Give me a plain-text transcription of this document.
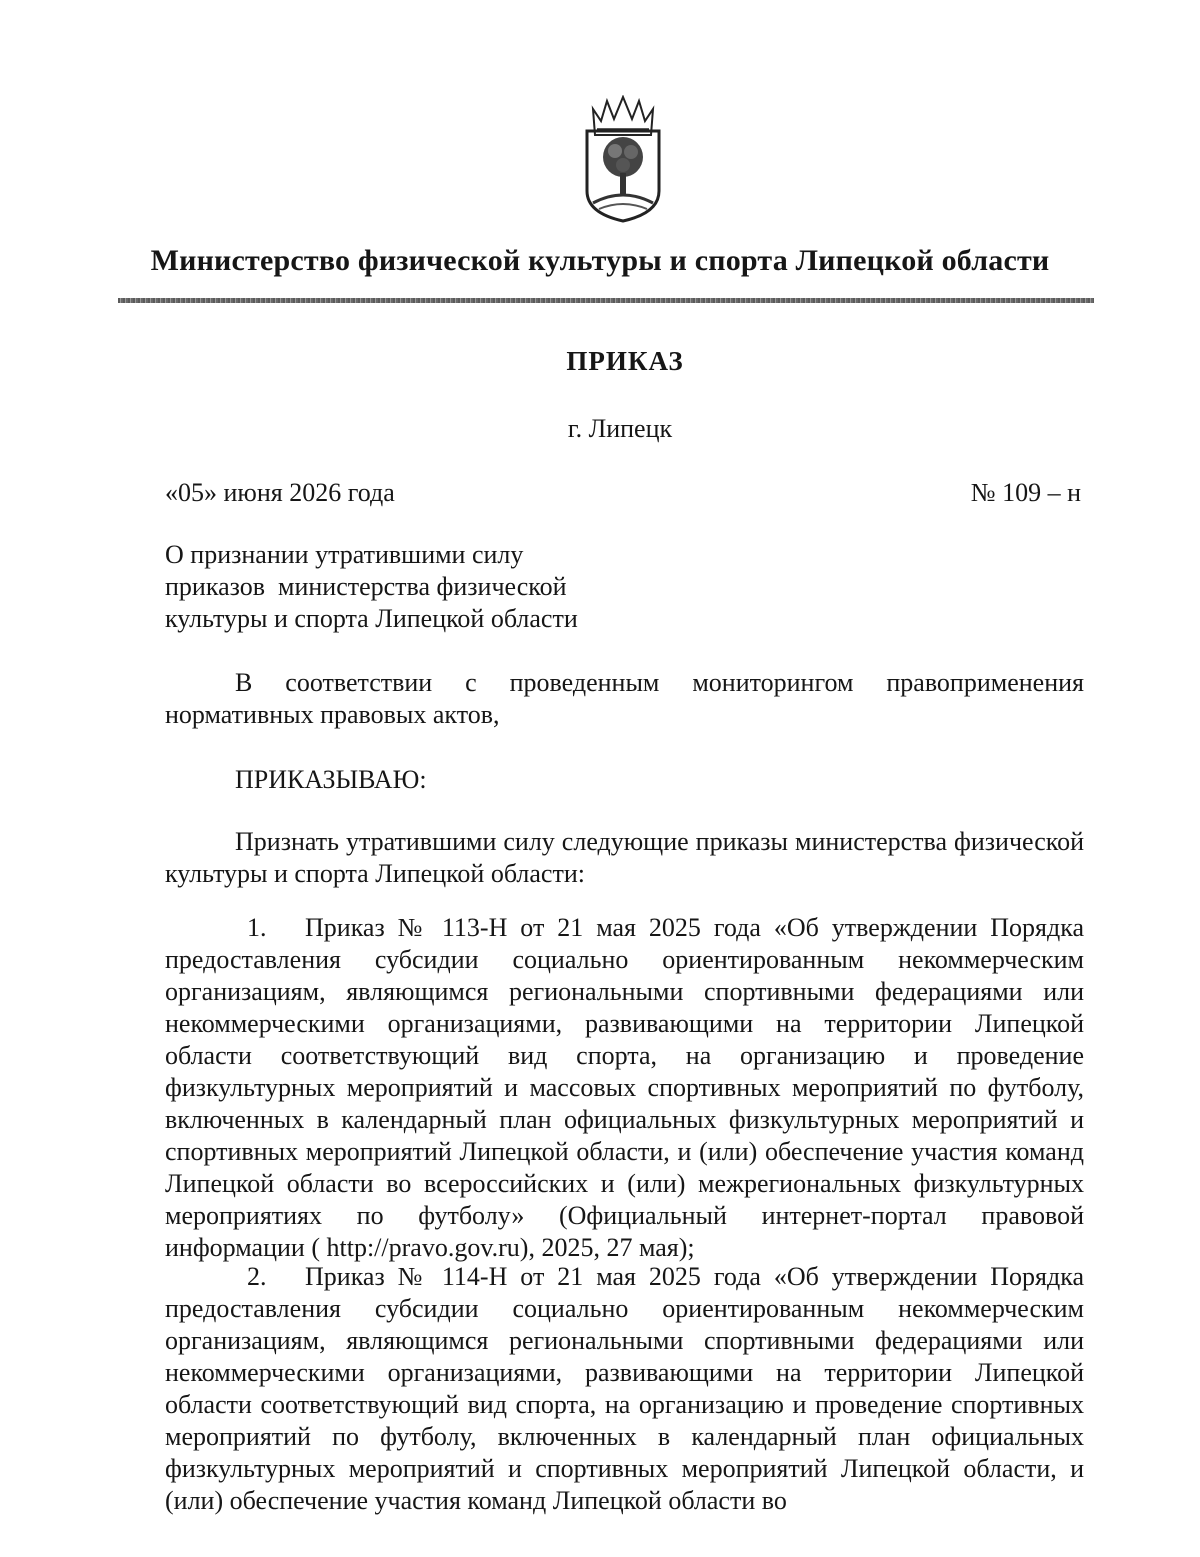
Министерство физической культуры и спорта Липецкой области
ПРИКАЗ
г. Липецк
«05» июня 2026 года	№ 109 – н
О признании утратившими силу
приказов  министерства физической
культуры и спорта Липецкой области
В соответствии с проведенным мониторингом правоприменения нормативных правовых актов,
ПРИКАЗЫВАЮ:
Признать утратившими силу следующие приказы министерства физической культуры и спорта Липецкой области:
1. Приказ № 113-Н от 21 мая 2025 года «Об утверждении Порядка предоставления субсидии социально ориентированным некоммерческим организациям, являющимся региональными спортивными федерациями или некоммерческими организациями, развивающими на территории Липецкой области соответствующий вид спорта, на организацию и проведение физкультурных мероприятий и массовых спортивных мероприятий по футболу, включенных в календарный план официальных физкультурных мероприятий и спортивных мероприятий Липецкой области, и (или) обеспечение участия команд Липецкой области во всероссийских и (или) межрегиональных физкультурных мероприятиях по футболу» (Официальный интернет-портал правовой информации ( http://pravo.gov.ru), 2025, 27 мая);
2. Приказ № 114-Н от 21 мая 2025 года «Об утверждении Порядка предоставления субсидии социально ориентированным некоммерческим организациям, являющимся региональными спортивными федерациями или некоммерческими организациями, развивающими на территории Липецкой области соответствующий вид спорта, на организацию и проведение спортивных мероприятий по футболу, включенных в календарный план официальных физкультурных мероприятий и спортивных мероприятий Липецкой области, и (или) обеспечение участия команд Липецкой области во
